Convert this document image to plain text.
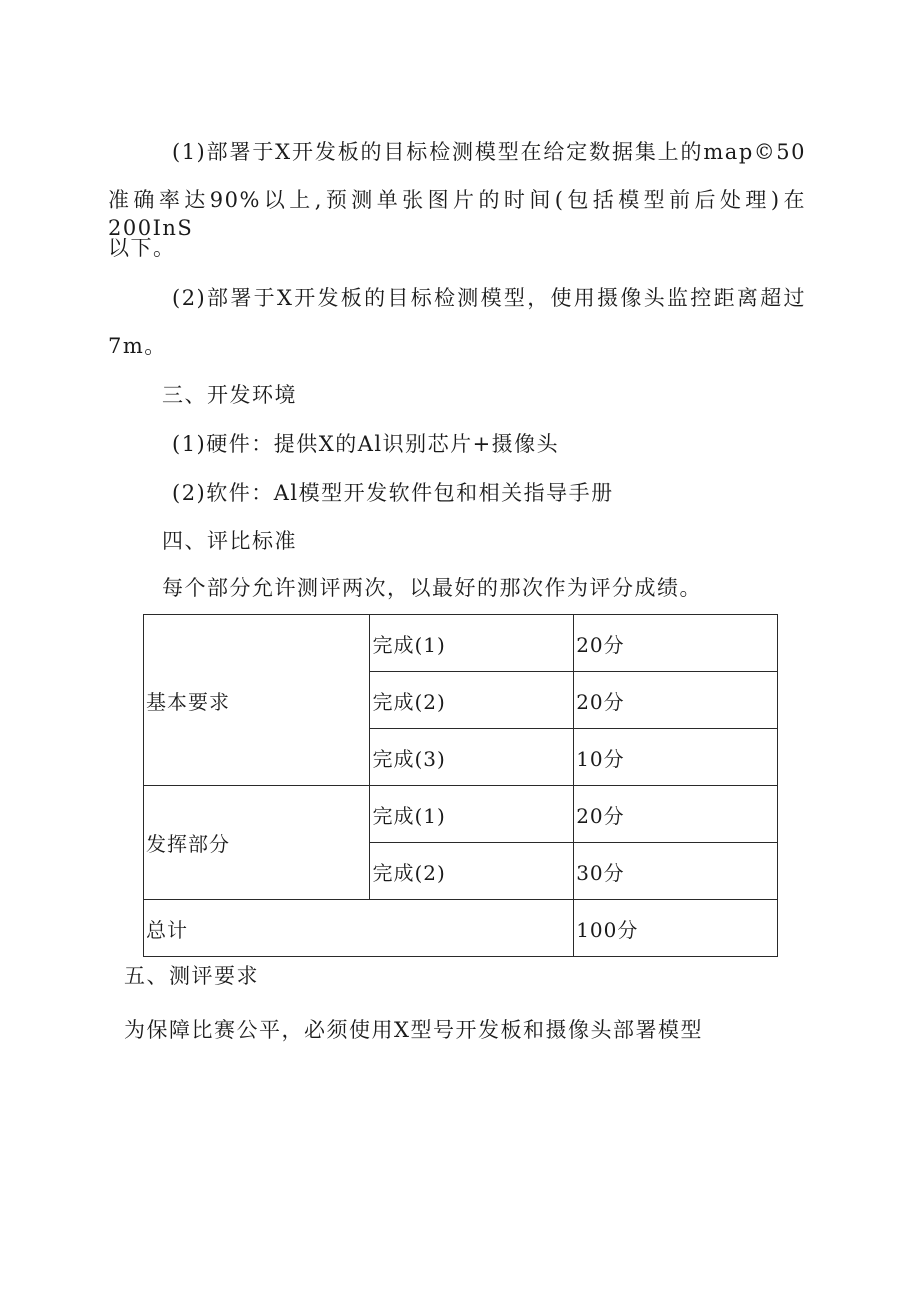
(1)部署于X开发板的目标检测模型在给定数据集上的map©50
准确率达90%以上,预测单张图片的时间(包括模型前后处理)在200InS
以下。
(2)部署于X开发板的目标检测模型，使用摄像头监控距离超过
7m。
三、开发环境
(1)硬件：提供X的Al识别芯片+摄像头
(2)软件：Al模型开发软件包和相关指导手册
四、评比标准
每个部分允许测评两次，以最好的那次作为评分成绩。
基本要求	完成(1)	20分
	完成(2)	20分
	完成(3)	10分
发挥部分	完成(1)	20分
	完成(2)	30分
总计		100分
五、测评要求
为保障比赛公平，必须使用X型号开发板和摄像头部署模型
